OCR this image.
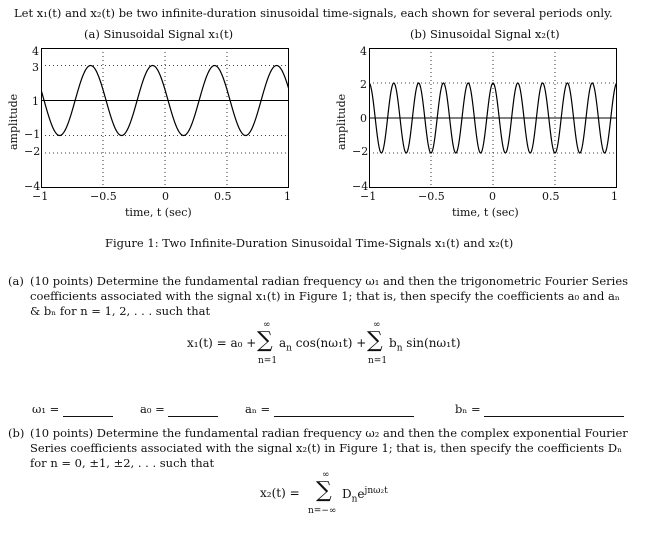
Let x₁(t) and x₂(t) be two infinite-duration sinusoidal time-signals, each shown for several periods only.
(a) Sinusoidal Signal x₁(t)
amplitude
4
3
1
−1
−2
−4
−1	−0.5	0	0.5	1
time, t (sec)
(b) Sinusoidal Signal x₂(t)
amplitude
4
2
0
−2
−4
−1	−0.5	0	0.5	1
time, t (sec)
Figure 1: Two Infinite-Duration Sinusoidal Time-Signals x₁(t) and x₂(t)
(a) (10 points) Determine the fundamental radian frequency ω₁ and then the trigonometric Fourier Series
coefficients associated with the signal x₁(t) in Figure 1; that is, then specify the coefficients a₀ and aₙ
& bₙ for n = 1, 2, . . . such that
x₁(t) = a₀ +
∞
∑
n=1
$a_n$ cos(nω₁t) +
∞
∑
n=1
$b_n$ sin(nω₁t)
ω₁ =	a₀ =	aₙ =	bₙ =
(b) (10 points) Determine the fundamental radian frequency ω₂ and then the complex exponential Fourier
Series coefficients associated with the signal x₂(t) in Figure 1; that is, then specify the coefficients Dₙ
for n = 0, ±1, ±2, . . . such that
x₂(t) =
∞
∑
n=−∞
$D_ne^{jn\omega_2t}$
